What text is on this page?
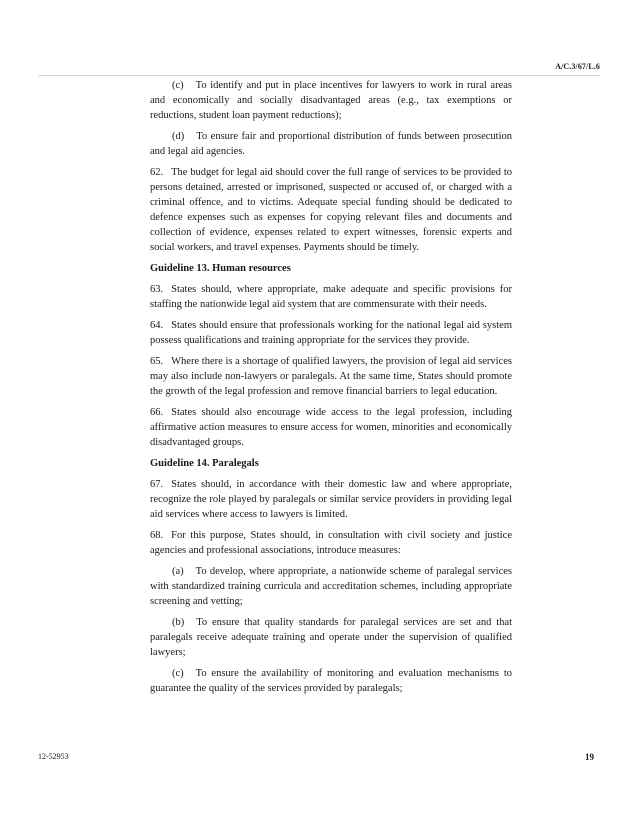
A/C.3/67/L.6

(c) To identify and put in place incentives for lawyers to work in rural areas and economically and socially disadvantaged areas (e.g., tax exemptions or reductions, student loan payment reductions);

(d) To ensure fair and proportional distribution of funds between prosecution and legal aid agencies.

62. The budget for legal aid should cover the full range of services to be provided to persons detained, arrested or imprisoned, suspected or accused of, or charged with a criminal offence, and to victims. Adequate special funding should be dedicated to defence expenses such as expenses for copying relevant files and documents and collection of evidence, expenses related to expert witnesses, forensic experts and social workers, and travel expenses. Payments should be timely.

Guideline 13. Human resources

63. States should, where appropriate, make adequate and specific provisions for staffing the nationwide legal aid system that are commensurate with their needs.

64. States should ensure that professionals working for the national legal aid system possess qualifications and training appropriate for the services they provide.

65. Where there is a shortage of qualified lawyers, the provision of legal aid services may also include non-lawyers or paralegals. At the same time, States should promote the growth of the legal profession and remove financial barriers to legal education.

66. States should also encourage wide access to the legal profession, including affirmative action measures to ensure access for women, minorities and economically disadvantaged groups.

Guideline 14. Paralegals

67. States should, in accordance with their domestic law and where appropriate, recognize the role played by paralegals or similar service providers in providing legal aid services where access to lawyers is limited.

68. For this purpose, States should, in consultation with civil society and justice agencies and professional associations, introduce measures:

(a) To develop, where appropriate, a nationwide scheme of paralegal services with standardized training curricula and accreditation schemes, including appropriate screening and vetting;

(b) To ensure that quality standards for paralegal services are set and that paralegals receive adequate training and operate under the supervision of qualified lawyers;

(c) To ensure the availability of monitoring and evaluation mechanisms to guarantee the quality of the services provided by paralegals;

12-52953	19
